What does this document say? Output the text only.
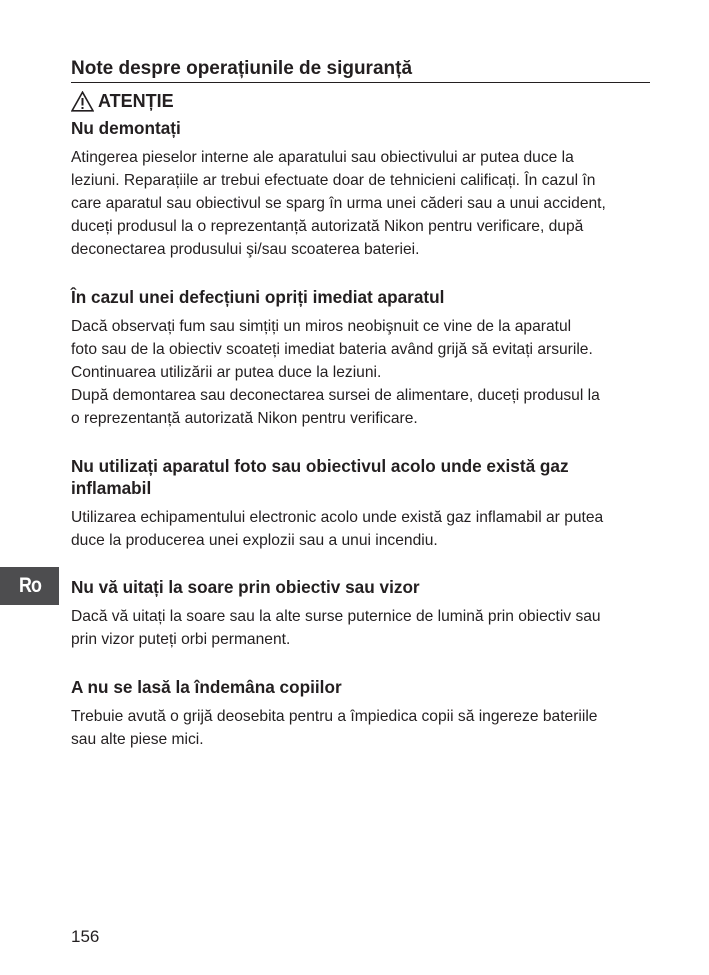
Note despre operațiunile de siguranță
ATENȚIE
Nu demontați

Atingerea pieselor interne ale aparatului sau obiectivului ar putea duce la
leziuni. Reparațiile ar trebui efectuate doar de tehnicieni calificați. În cazul în
care aparatul sau obiectivul se sparg în urma unei căderi sau a unui accident,
duceți produsul la o reprezentanță autorizată Nikon pentru verificare, după
deconectarea produsului şi/sau scoaterea bateriei.

În cazul unei defecțiuni opriți imediat aparatul

Dacă observați fum sau simțiți un miros neobişnuit ce vine de la aparatul
foto sau de la obiectiv scoateți imediat bateria având grijă să evitați arsurile.
Continuarea utilizării ar putea duce la leziuni.
După demontarea sau deconectarea sursei de alimentare, duceți produsul la
o reprezentanță autorizată Nikon pentru verificare.

Nu utilizați aparatul foto sau obiectivul acolo unde există gaz
inflamabil

Utilizarea echipamentului electronic acolo unde există gaz inflamabil ar putea
duce la producerea unei explozii sau a unui incendiu.

Nu vă uitați la soare prin obiectiv sau vizor

Dacă vă uitați la soare sau la alte surse puternice de lumină prin obiectiv sau
prin vizor puteți orbi permanent.

A nu se lasă la îndemâna copiilor

Trebuie avută o grijă deosebita pentru a împiedica copii să ingereze bateriile
sau alte piese mici.

Ro
156
